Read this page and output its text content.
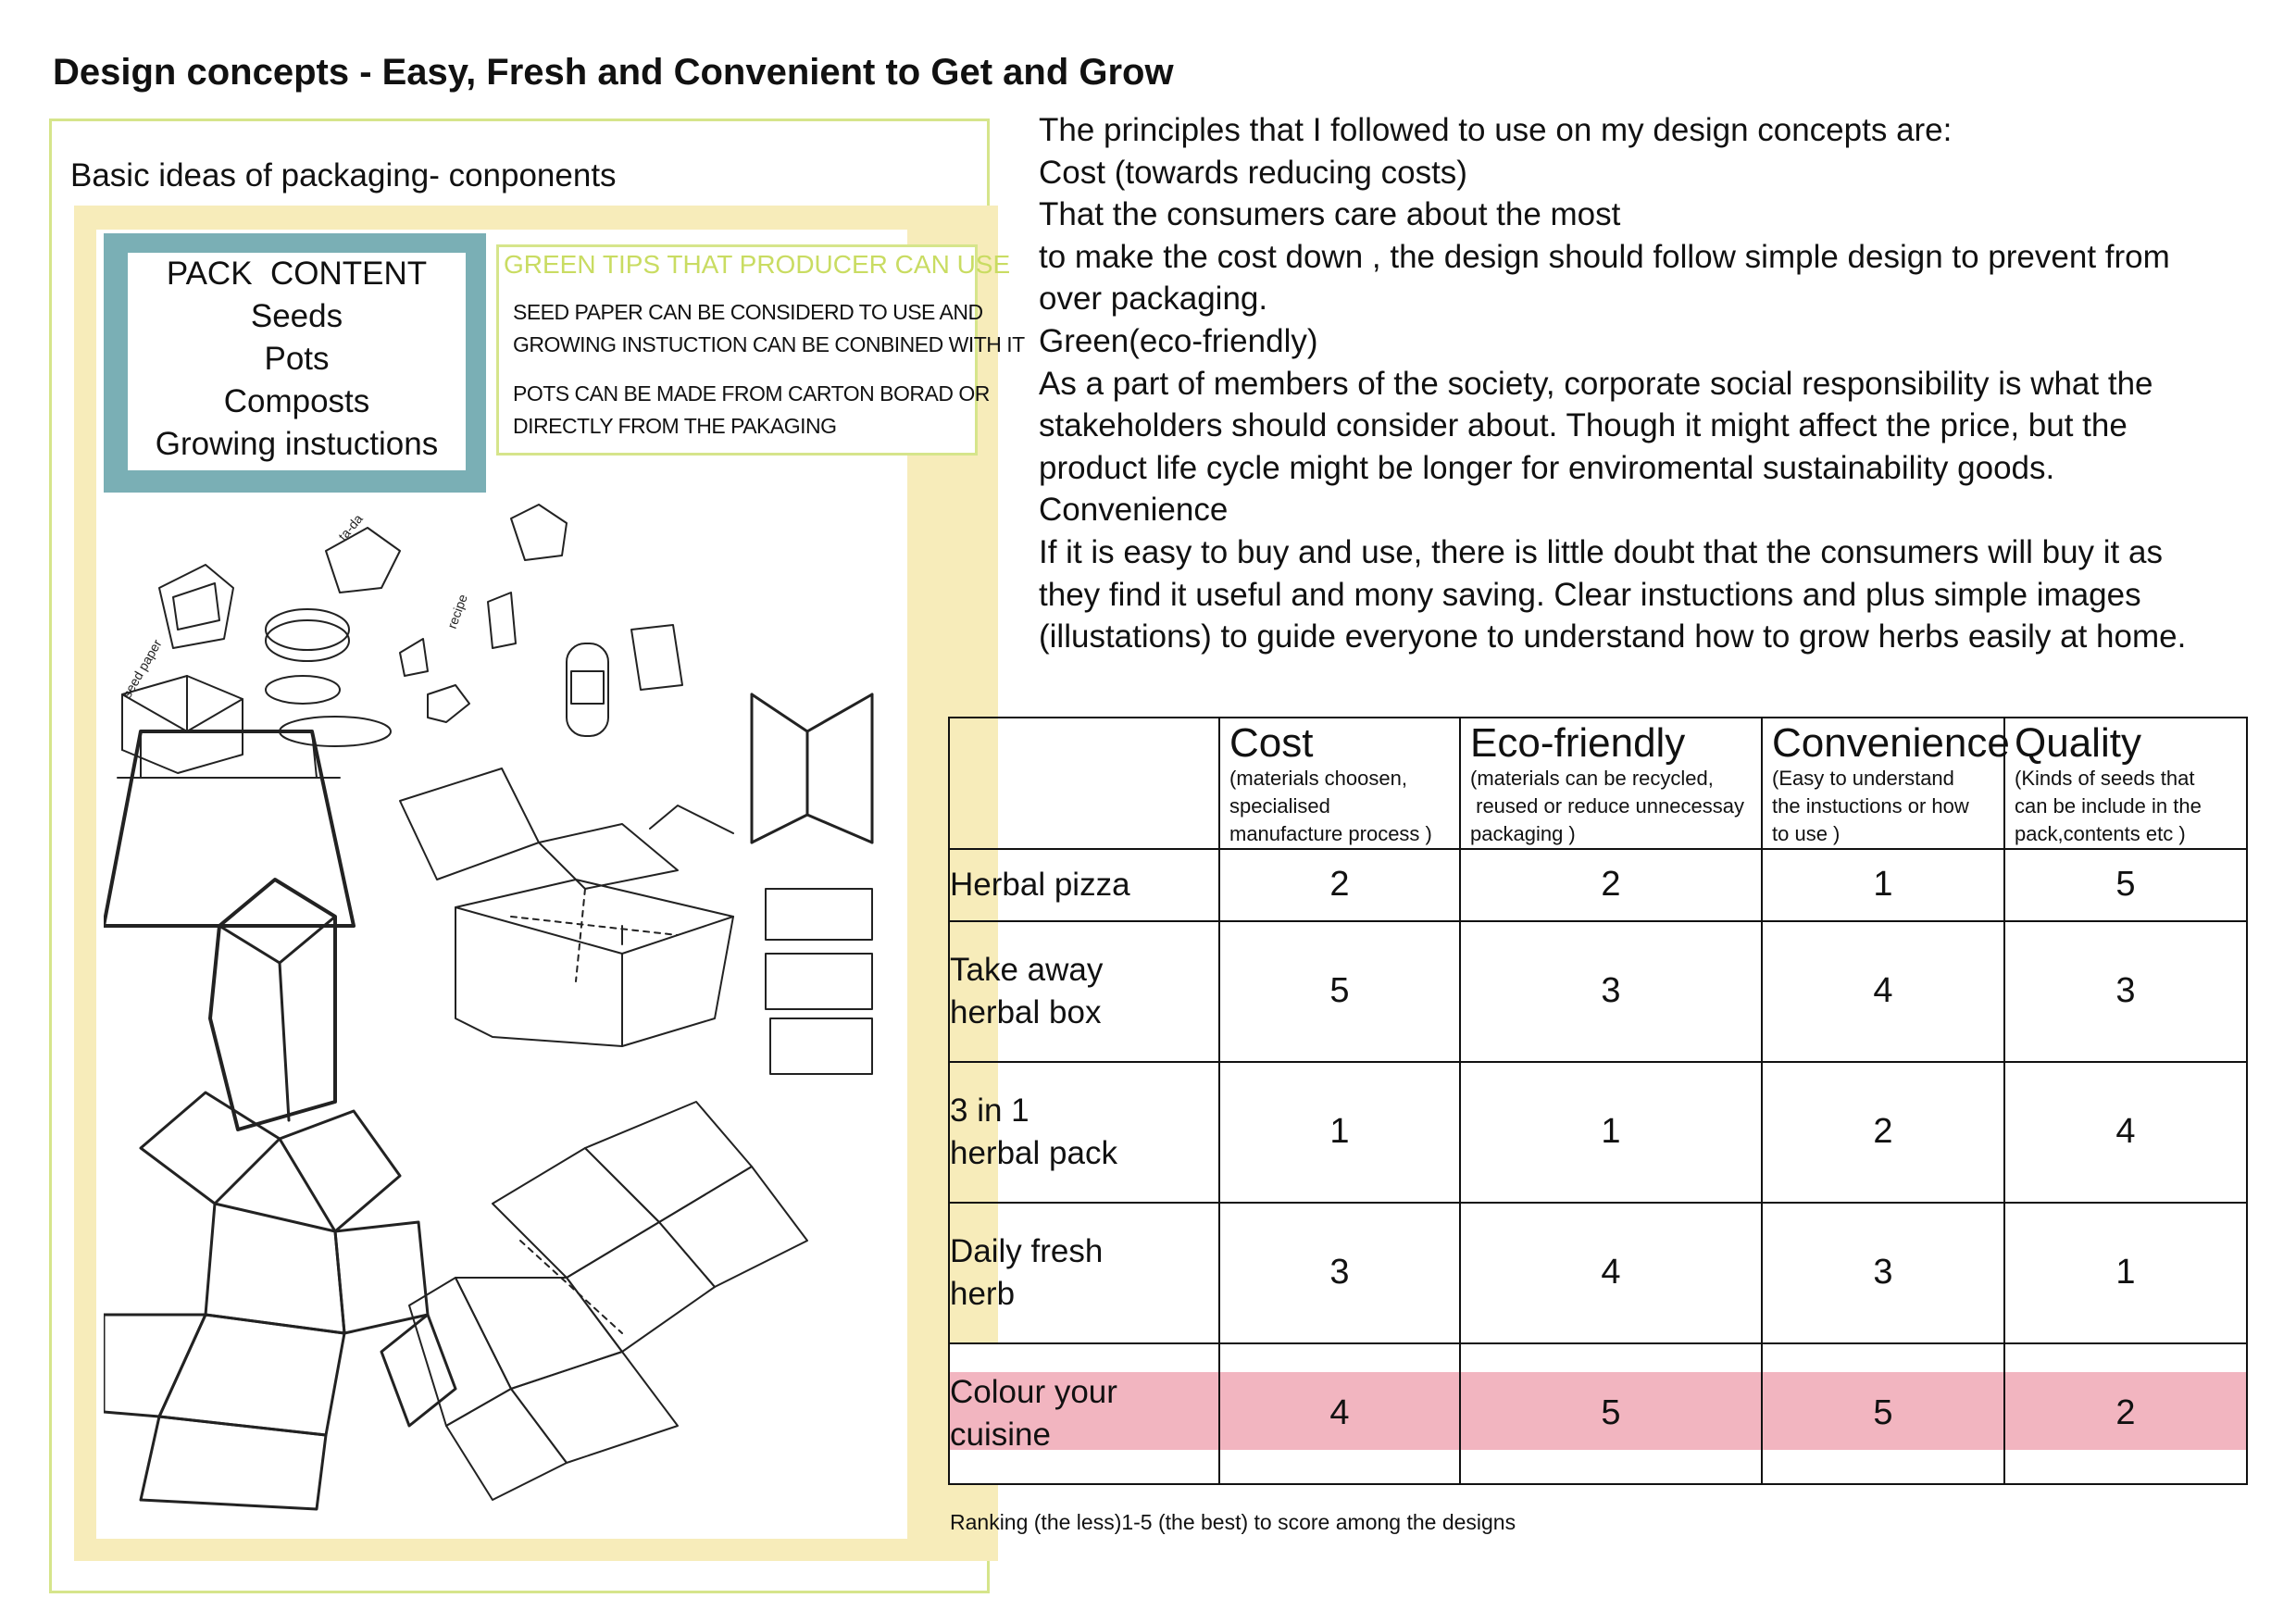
Design concepts - Easy, Fresh and Convenient to Get and Grow
Basic ideas of packaging- conponents
PACK  CONTENT
Seeds
Pots
Composts
Growing instuctions
GREEN TIPS THAT PRODUCER CAN USE
SEED PAPER CAN BE CONSIDERD TO USE AND
GROWING INSTUCTION CAN BE CONBINED WITH IT
POTS CAN BE MADE FROM CARTON BORAD OR
DIRECTLY FROM THE PAKAGING
seed paper
ta-da
recipe
The principles that I followed to use on my design concepts are:
Cost (towards reducing costs)
That the consumers care about the most
to make the cost down , the design should follow simple design to prevent from
over packaging.
Green(eco-friendly)
As a part of members of the society, corporate social responsibility is what the
stakeholders should consider about. Though it might affect the price, but the
product life cycle might be longer for enviromental sustainability goods.
Convenience
If it is easy to buy and use, there is little doubt that the consumers will buy it as
they find it useful and mony saving. Clear instuctions and plus simple images
(illustations) to guide everyone to understand how to grow herbs easily at home.

	Cost
(materials choosen,
specialised
manufacture process )	Eco-friendly
(materials can be recycled,
reused or reduce unnecessay
packaging )	Convenience
(Easy to understand
the instuctions or how
to use )	Quality
(Kinds of seeds that
can be include in the
pack,contents etc )

Herbal pizza	2	2	1	5

Take away
herbal box	5	3	4	3

3 in 1
herbal pack	1	1	2	4

Daily fresh
herb	3	4	3	1

Colour your
cuisine	4	5	5	2
Ranking (the less)1-5 (the best) to score among the designs
